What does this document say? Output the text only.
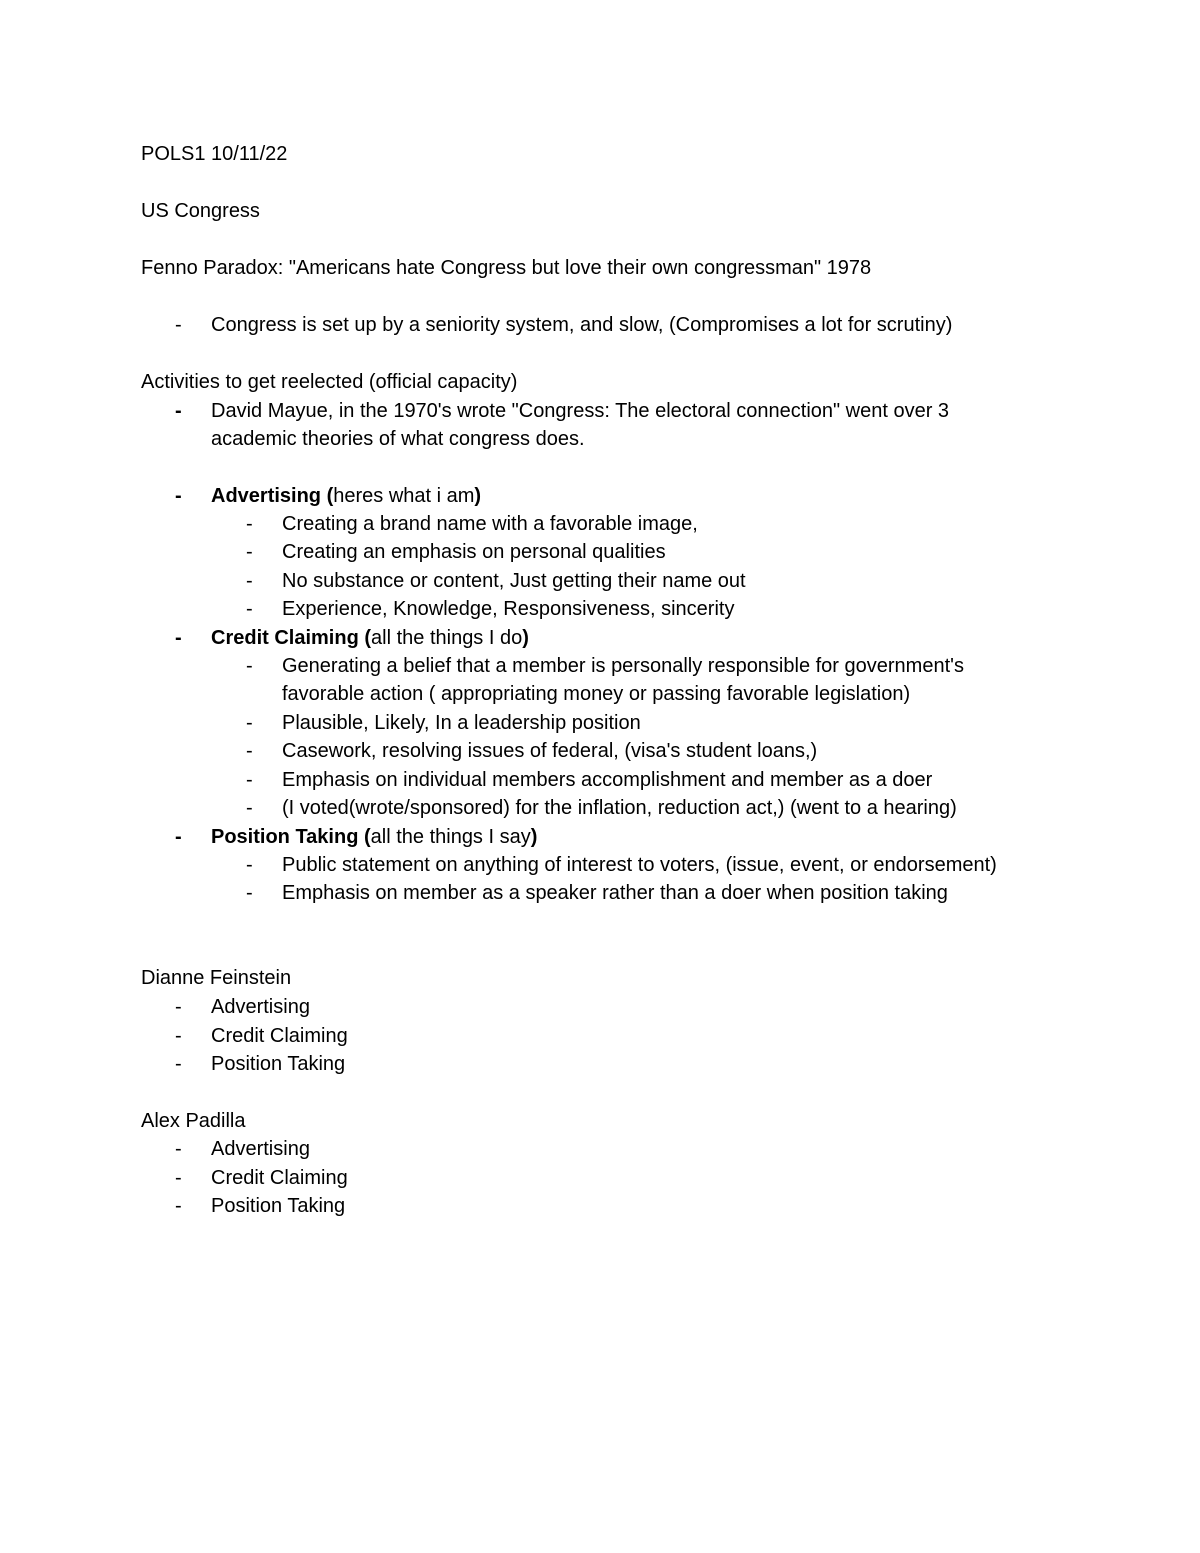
POLS1 10/11/22
US Congress
Fenno Paradox: "Americans hate Congress but love their own congressman" 1978
- Congress is set up by a seniority system, and slow, (Compromises a lot for scrutiny)
Activities to get reelected (official capacity)
- David Mayue, in the 1970's wrote "Congress: The electoral connection" went over 3
academic theories of what congress does.
- Advertising (heres what i am)
- Creating a brand name with a favorable image,
- Creating an emphasis on personal qualities
- No substance or content, Just getting their name out
- Experience, Knowledge, Responsiveness, sincerity
- Credit Claiming (all the things I do)
- Generating a belief that a member is personally responsible for government's
favorable action ( appropriating money or passing favorable legislation)
- Plausible, Likely, In a leadership position
- Casework, resolving issues of federal, (visa's student loans,)
- Emphasis on individual members accomplishment and member as a doer
- (I voted(wrote/sponsored) for the inflation, reduction act,) (went to a hearing)
- Position Taking (all the things I say)
- Public statement on anything of interest to voters, (issue, event, or endorsement)
- Emphasis on member as a speaker rather than a doer when position taking
Dianne Feinstein
- Advertising
- Credit Claiming
- Position Taking
Alex Padilla
- Advertising
- Credit Claiming
- Position Taking
